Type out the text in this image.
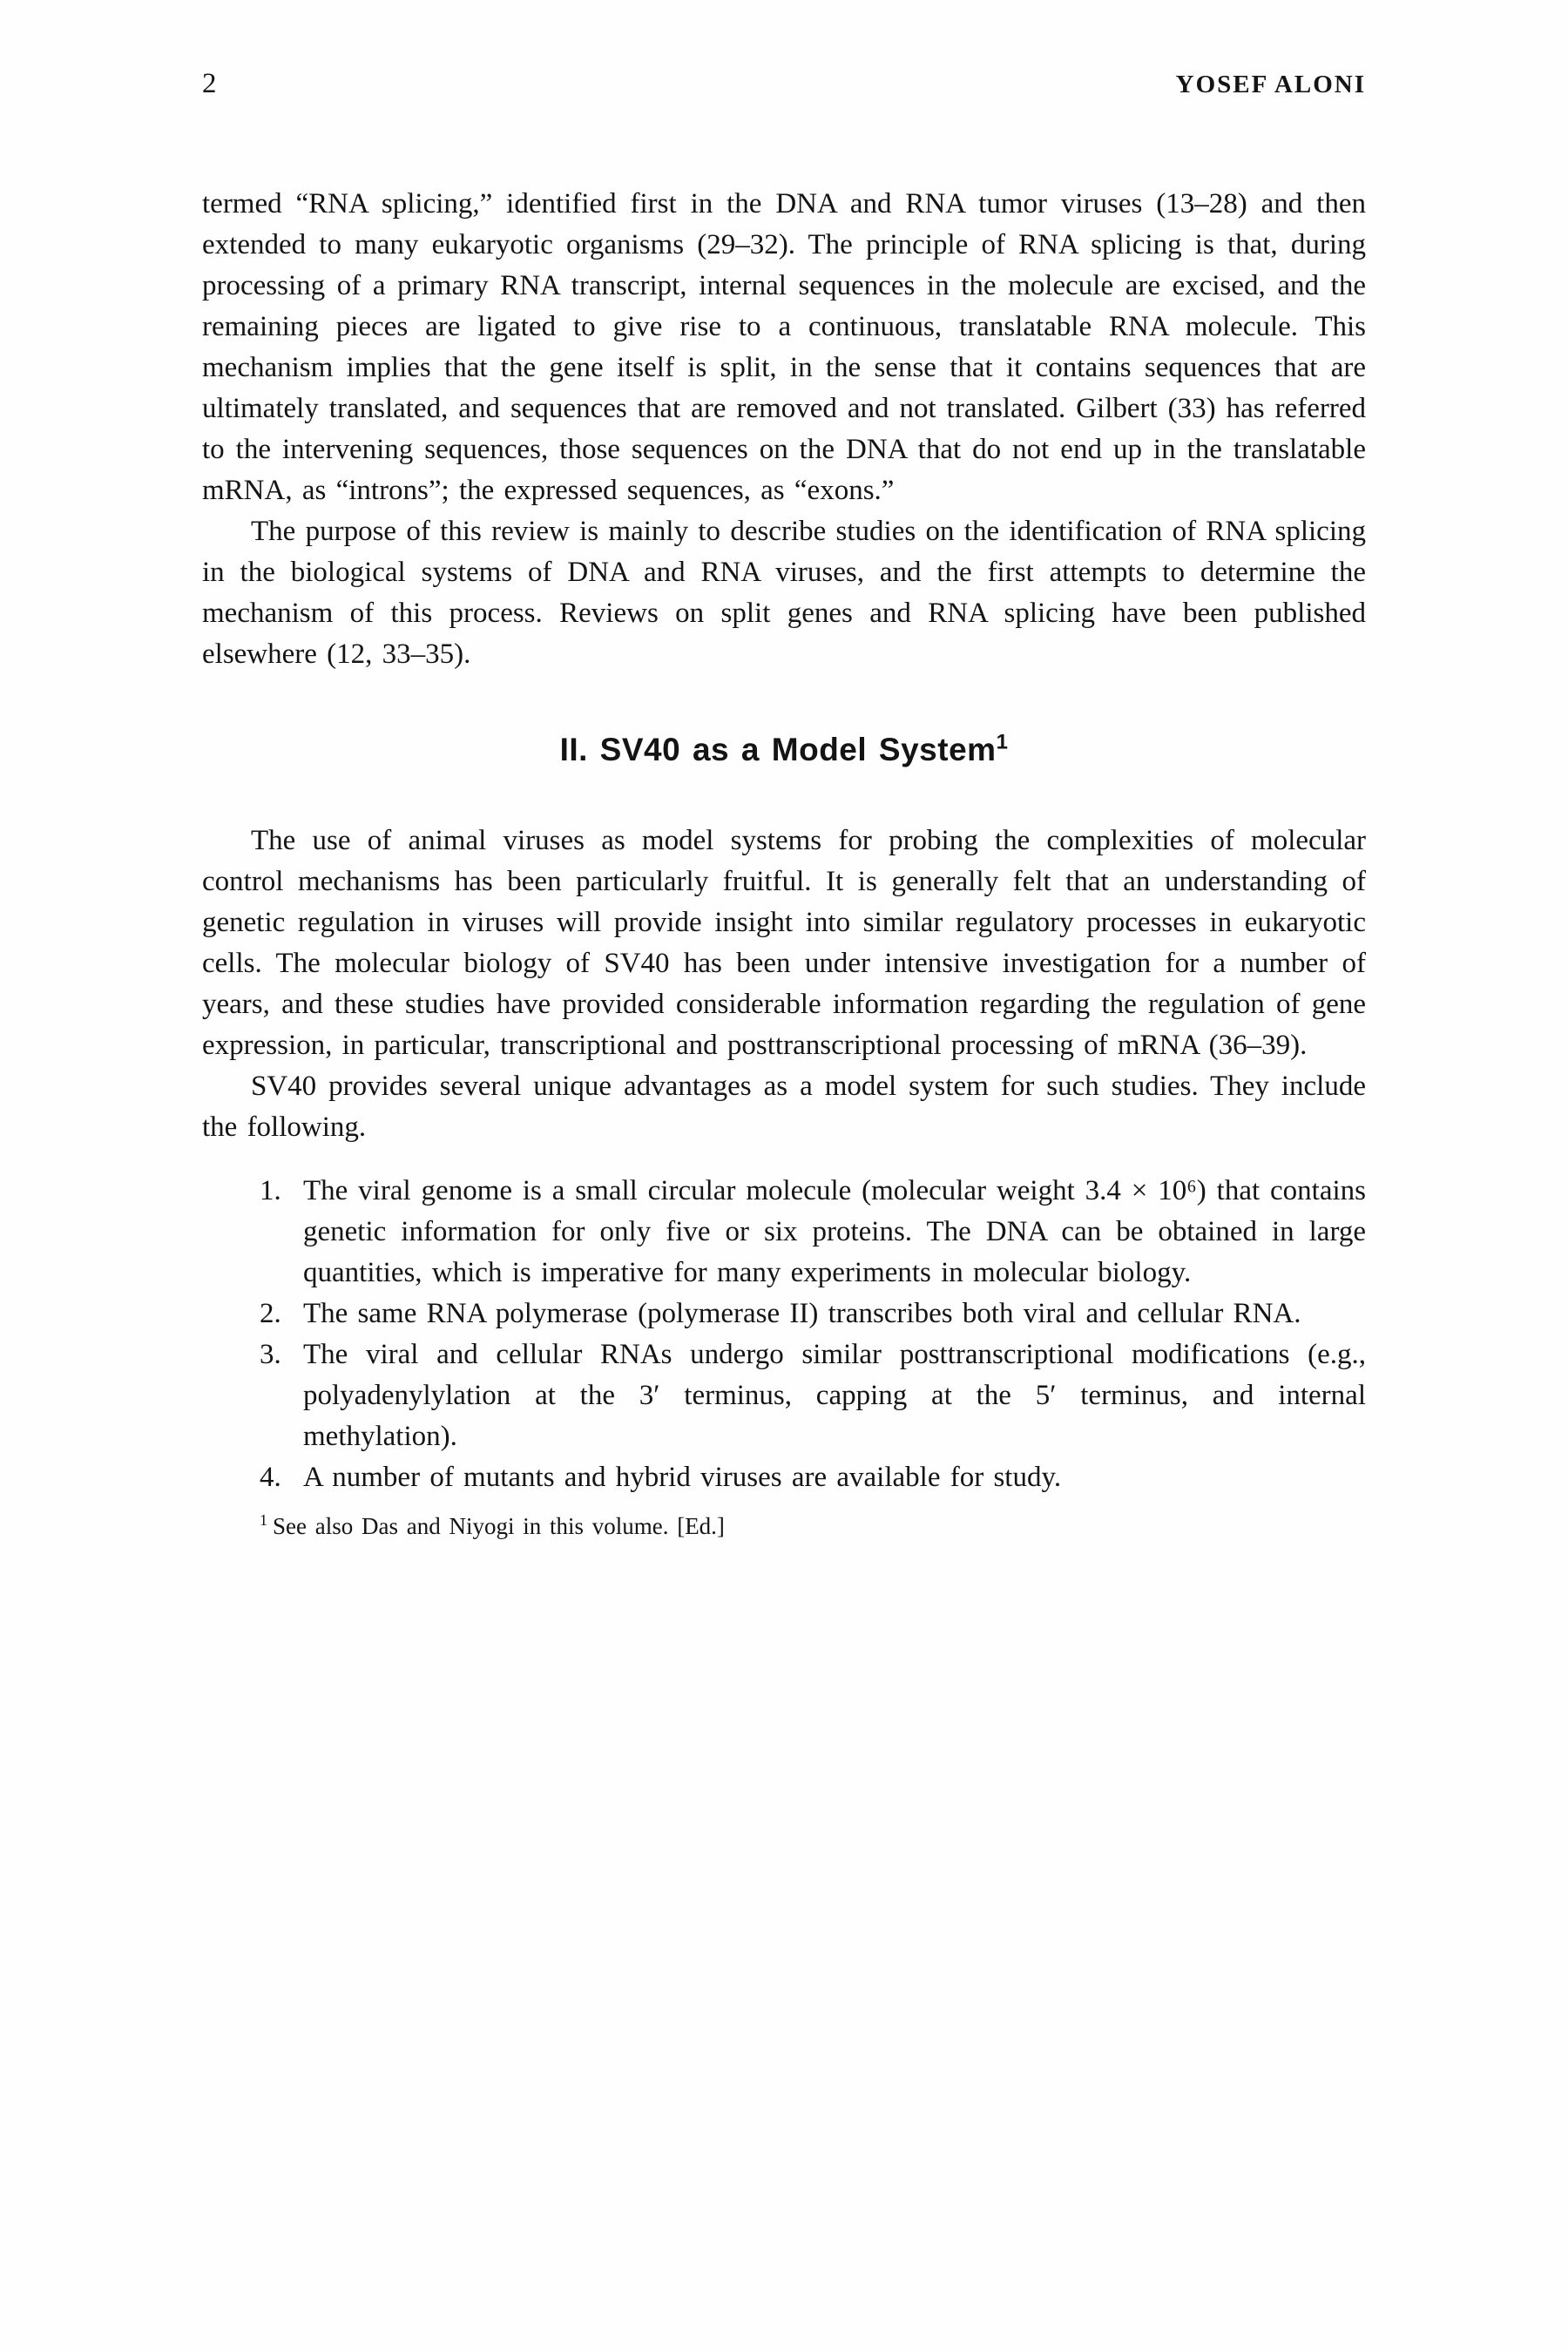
2	YOSEF ALONI

termed “RNA splicing,” identified first in the DNA and RNA tumor viruses (13–28) and then extended to many eukaryotic organisms (29–32). The principle of RNA splicing is that, during processing of a primary RNA transcript, internal sequences in the molecule are excised, and the remaining pieces are ligated to give rise to a continuous, translatable RNA molecule. This mechanism implies that the gene itself is split, in the sense that it contains sequences that are ultimately translated, and sequences that are removed and not translated. Gilbert (33) has referred to the intervening sequences, those sequences on the DNA that do not end up in the translatable mRNA, as “introns”; the expressed sequences, as “exons.”

The purpose of this review is mainly to describe studies on the identification of RNA splicing in the biological systems of DNA and RNA viruses, and the first attempts to determine the mechanism of this process. Reviews on split genes and RNA splicing have been published elsewhere (12, 33–35).

II. SV40 as a Model System$^1$

The use of animal viruses as model systems for probing the complexities of molecular control mechanisms has been particularly fruitful. It is generally felt that an understanding of genetic regulation in viruses will provide insight into similar regulatory processes in eukaryotic cells. The molecular biology of SV40 has been under intensive investigation for a number of years, and these studies have provided considerable information regarding the regulation of gene expression, in particular, transcriptional and posttranscriptional processing of mRNA (36–39).

SV40 provides several unique advantages as a model system for such studies. They include the following.

1. The viral genome is a small circular molecule (molecular weight 3.4 × 10⁶) that contains genetic information for only five or six proteins. The DNA can be obtained in large quantities, which is imperative for many experiments in molecular biology.
2. The same RNA polymerase (polymerase II) transcribes both viral and cellular RNA.
3. The viral and cellular RNAs undergo similar posttranscriptional modifications (e.g., polyadenylylation at the 3′ terminus, capping at the 5′ terminus, and internal methylation).
4. A number of mutants and hybrid viruses are available for study.
$^1$ See also Das and Niyogi in this volume. [Ed.]
